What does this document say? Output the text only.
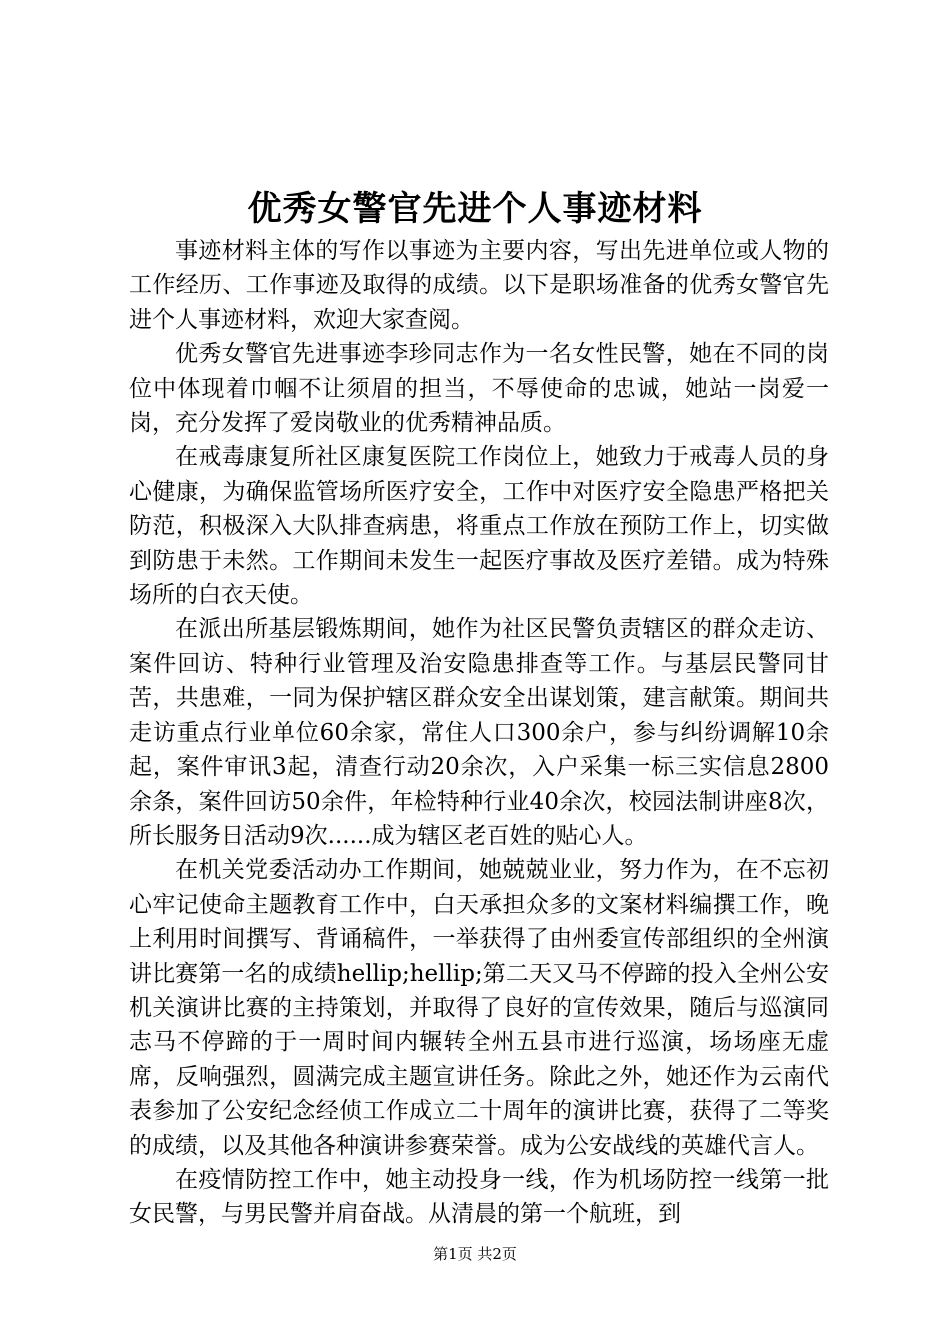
优秀女警官先进个人事迹材料

事迹材料主体的写作以事迹为主要内容，写出先进单位或人物的工作经历、工作事迹及取得的成绩。以下是职场准备的优秀女警官先进个人事迹材料，欢迎大家查阅。

优秀女警官先进事迹李珍同志作为一名女性民警，她在不同的岗位中体现着巾帼不让须眉的担当，不辱使命的忠诚，她站一岗爱一岗，充分发挥了爱岗敬业的优秀精神品质。

在戒毒康复所社区康复医院工作岗位上，她致力于戒毒人员的身心健康，为确保监管场所医疗安全，工作中对医疗安全隐患严格把关防范，积极深入大队排查病患，将重点工作放在预防工作上，切实做到防患于未然。工作期间未发生一起医疗事故及医疗差错。成为特殊场所的白衣天使。

在派出所基层锻炼期间，她作为社区民警负责辖区的群众走访、案件回访、特种行业管理及治安隐患排查等工作。与基层民警同甘苦，共患难，一同为保护辖区群众安全出谋划策，建言献策。期间共走访重点行业单位60余家，常住人口300余户，参与纠纷调解10余起，案件审讯3起，清查行动20余次，入户采集一标三实信息2800余条，案件回访50余件，年检特种行业40余次，校园法制讲座8次，所长服务日活动9次......成为辖区老百姓的贴心人。

在机关党委活动办工作期间，她兢兢业业，努力作为，在不忘初心牢记使命主题教育工作中，白天承担众多的文案材料编撰工作，晚上利用时间撰写、背诵稿件，一举获得了由州委宣传部组织的全州演讲比赛第一名的成绩hellip;hellip;第二天又马不停蹄的投入全州公安机关演讲比赛的主持策划，并取得了良好的宣传效果，随后与巡演同志马不停蹄的于一周时间内辗转全州五县市进行巡演，场场座无虚席，反响强烈，圆满完成主题宣讲任务。除此之外，她还作为云南代表参加了公安纪念经侦工作成立二十周年的演讲比赛，获得了二等奖的成绩，以及其他各种演讲参赛荣誉。成为公安战线的英雄代言人。

在疫情防控工作中，她主动投身一线，作为机场防控一线第一批女民警，与男民警并肩奋战。从清晨的第一个航班，到

第1页 共2页
